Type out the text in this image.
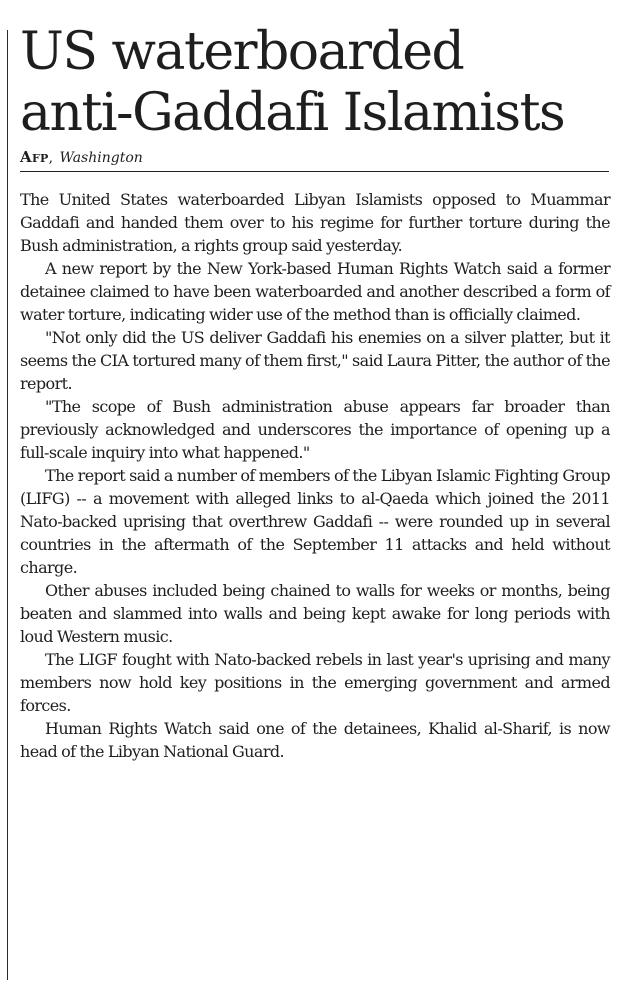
US waterboarded
anti-Gaddafi Islamists
Afp, Washington

The United States waterboarded Libyan Islamists opposed to Muammar Gaddafi and handed them over to his regime for further torture during the Bush administration, a rights group said yesterday.

A new report by the New York-based Human Rights Watch said a former detainee claimed to have been waterboarded and another described a form of water torture, indicating wider use of the method than is officially claimed.

"Not only did the US deliver Gaddafi his enemies on a silver platter, but it seems the CIA tortured many of them first," said Laura Pitter, the author of the report.

"The scope of Bush administration abuse appears far broader than previously acknowledged and underscores the importance of opening up a full-scale inquiry into what happened."

The report said a number of members of the Libyan Islamic Fighting Group (LIFG) -- a movement with alleged links to al-Qaeda which joined the 2011 Nato-backed uprising that overthrew Gaddafi -- were rounded up in several countries in the aftermath of the September 11 attacks and held without charge.

Other abuses included being chained to walls for weeks or months, being beaten and slammed into walls and being kept awake for long periods with loud Western music.

The LIGF fought with Nato-backed rebels in last year's uprising and many members now hold key positions in the emerging government and armed forces.

Human Rights Watch said one of the detainees, Khalid al-Sharif, is now head of the Libyan National Guard.
